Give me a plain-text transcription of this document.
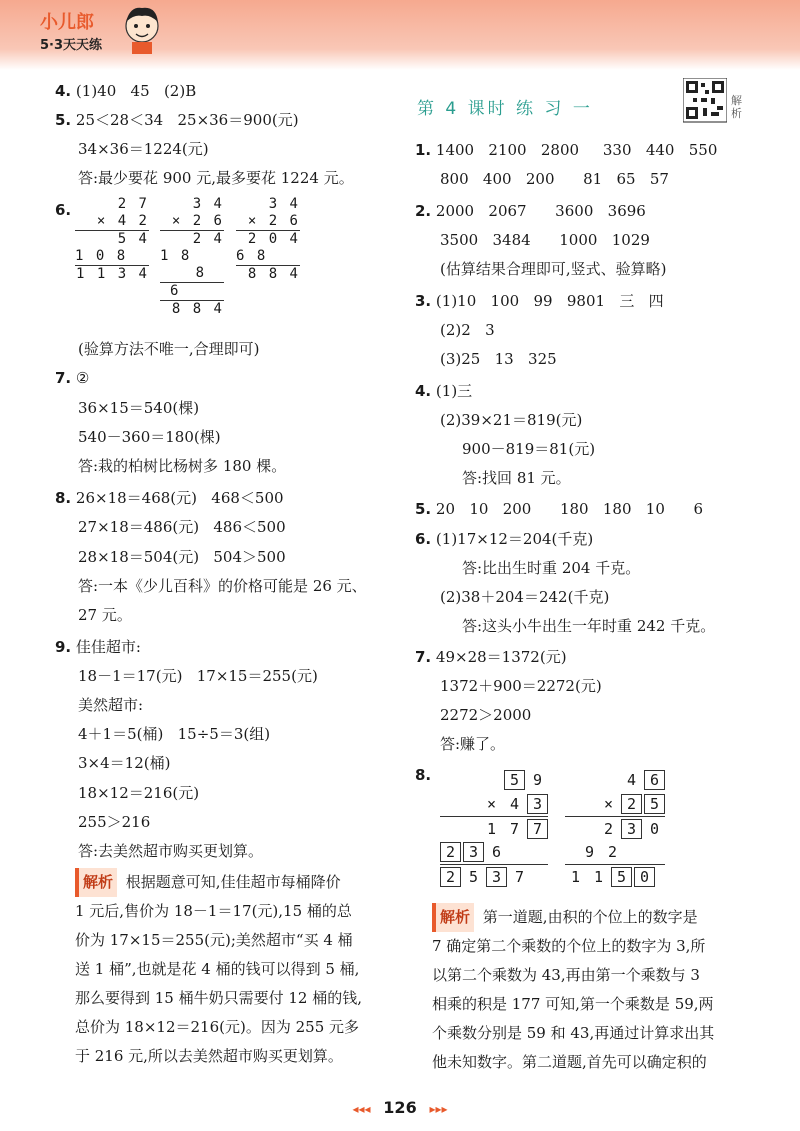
小儿郎
5·3天天练
4. (1)40   45   (2)B
5. 25＜28＜34   25×36＝900(元)
34×36＝1224(元)
答:最少要花 900 元,最多要花 1224 元。
6.	2 7
× 4 2
5 4
1 0 8
1 1 3 4
3 4
× 2 6
2 4
1 8
8
6
8 8 4
3 4
× 2 6
2 0 4
6 8
8 8 4
(验算方法不唯一,合理即可)
7. ②
36×15＝540(棵)
540－360＝180(棵)
答:栽的柏树比杨树多 180 棵。
8. 26×18＝468(元)   468＜500
27×18＝486(元)   486＜500
28×18＝504(元)   504＞500
答:一本《少儿百科》的价格可能是 26 元、
27 元。
9. 佳佳超市:
18－1＝17(元)   17×15＝255(元)
美然超市:
4＋1＝5(桶)   15÷5＝3(组)
3×4＝12(桶)
18×12＝216(元)
255＞216
答:去美然超市购买更划算。
解析 根据题意可知,佳佳超市每桶降价
1 元后,售价为 18－1＝17(元),15 桶的总
价为 17×15＝255(元);美然超市“买 4 桶
送 1 桶”,也就是花 4 桶的钱可以得到 5 桶,
那么要得到 15 桶牛奶只需要付 12 桶的钱,
总价为 18×12＝216(元)。因为 255 元多
于 216 元,所以去美然超市购买更划算。
第 4 课时 练 习 一	解析
1. 1400   2100   2800     330   440   550
800   400   200      81   65   57
2. 2000   2067      3600   3696
3500   3484      1000   1029
(估算结果合理即可,竖式、验算略)
3. (1)10   100   99   9801   三   四
(2)2   3
(3)25   13   325
4. (1)三
(2)39×21＝819(元)
900－819＝81(元)
答:找回 81 元。
5. 20   10   200      180   180   10      6
6. (1)17×12＝204(千克)
答:比出生时重 204 千克。
(2)38＋204＝242(千克)
答:这头小牛出生一年时重 242 千克。
7. 49×28＝1372(元)
1372＋900＝2272(元)
2272＞2000
答:赚了。
8.	5 9
× 4 3
1 7 7
2 3 6
2 5 3 7
4 6
× 2 5
2 3 0
9 2
1 1 5 0
解析 第一道题,由积的个位上的数字是
7 确定第二个乘数的个位上的数字为 3,所
以第二个乘数为 43,再由第一个乘数与 3
相乘的积是 177 可知,第一个乘数是 59,两
个乘数分别是 59 和 43,再通过计算求出其
他未知数字。第二道题,首先可以确定积的
◂◂◂ 126 ▸▸▸
